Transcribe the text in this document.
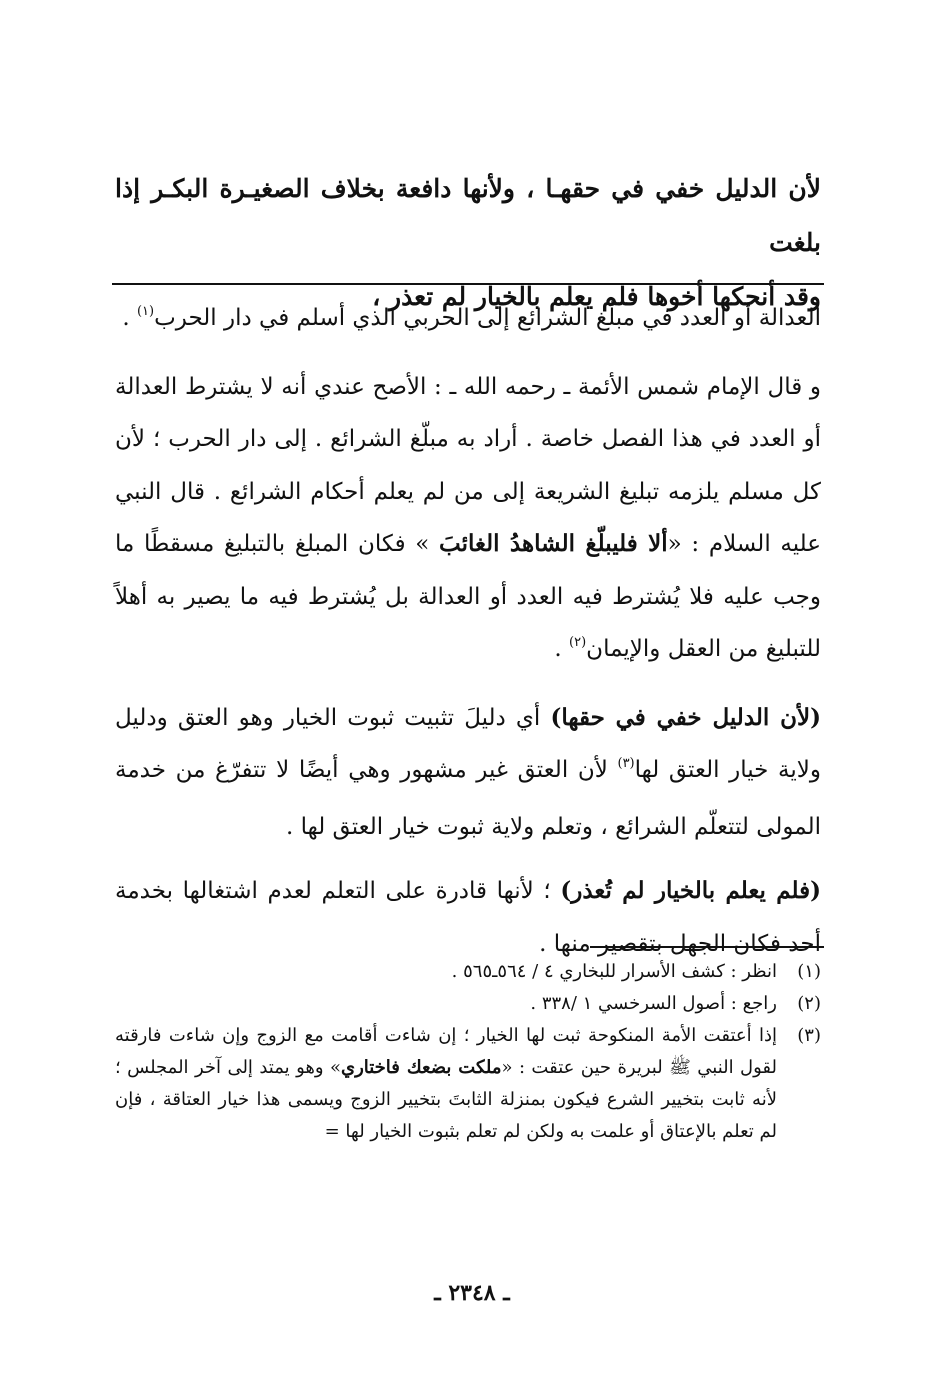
لأن الدليل خفي في حقهـا ، ولأنها دافعة بخلاف الصغيـرة البكـر إذا بلغت

وقد أنحكها أخوها فلم يعلم بالخيار لم تعذر ،

العدالة أو العدد في مبلّغ الشرائع إلى الحربي الذي أسلم في دار الحرب$^{(١)}$ .

و قال الإمام شمس الأئمة ـ رحمه الله ـ : الأصح عندي أنه لا يشترط العدالة أو العدد في هذا الفصل خاصة . أراد به مبلّغ الشرائع . إلى دار الحرب ؛ لأن كل مسلم يلزمه تبليغ الشريعة إلى من لم يعلم أحكام الشرائع . قال النبي عليه السلام : «ألا فليبلّغ الشاهدُ الغائبَ » فكان المبلغ بالتبليغ مسقطًا ما وجب عليه فلا يُشترط فيه العدد أو العدالة بل يُشترط فيه ما يصير به أهلاً للتبليغ من العقل والإيمان$^{(٢)}$ .

(لأن الدليل خفي في حقها) أي دليلَ تثبيت ثبوت الخيار وهو العتق ودليل ولاية خيار العتق لها$^{(٣)}$ لأن العتق غير مشهور وهي أيضًا لا تتفرّغ من خدمة المولى لتتعلّم الشرائع ، وتعلم ولاية ثبوت خيار العتق لها .

(فلم يعلم بالخيار لم تُعذر) ؛ لأنها قادرة على التعلم لعدم اشتغالها بخدمة أحد فكان الجهل بتقصير منها .

(١)
انظر : كشف الأسرار للبخاري ٤ / ٥٦٤ـ٥٦٥ .
(٢)
راجع : أصول السرخسي ١ /٣٣٨ .
(٣)
إذا أعتقت الأمة المنكوحة ثبت لها الخيار ؛ إن شاءت أقامت مع الزوج وإن شاءت فارقته لقول النبي ﷺ لبريرة حين عتقت : «ملكت بضعك فاختاري» وهو يمتد إلى آخر المجلس ؛ لأنه ثابت بتخيير الشرع فيكون بمنزلة الثابتَ بتخيير الزوج ويسمى هذا خيار العتاقة ، فإن لم تعلم بالإعتاق أو علمت به ولكن لم تعلم بثبوت الخيار لها =
ـ ٢٣٤٨ ـ
